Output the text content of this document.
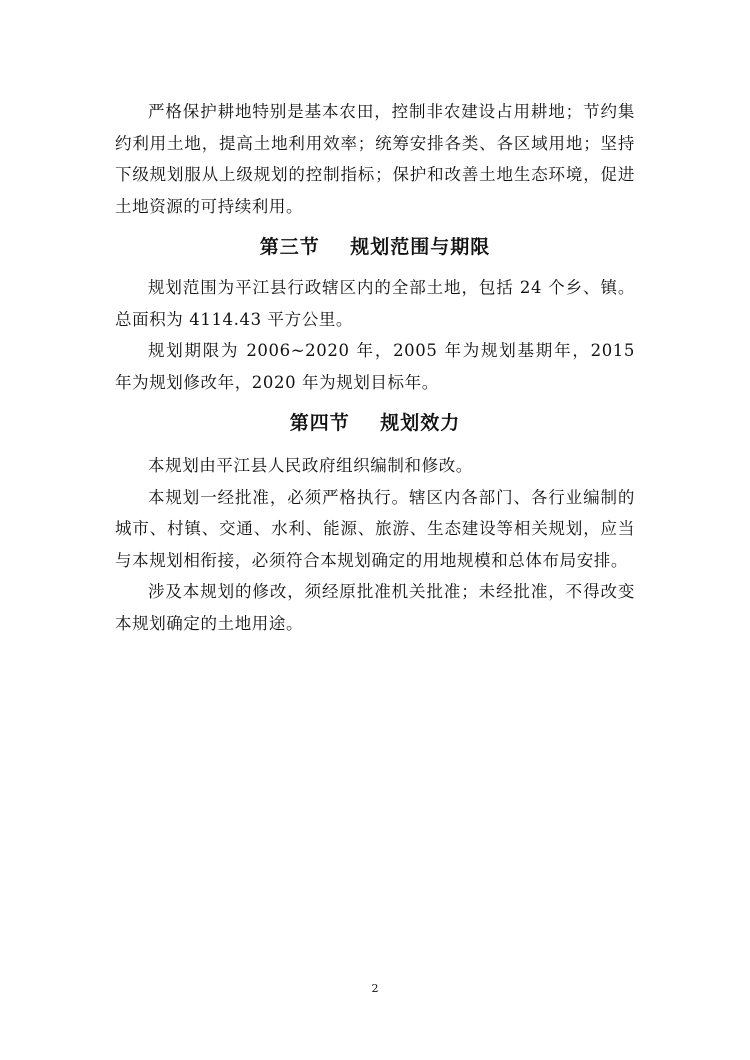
严格保护耕地特别是基本农田，控制非农建设占用耕地；节约集约利用土地，提高土地利用效率；统筹安排各类、各区域用地；坚持下级规划服从上级规划的控制指标；保护和改善土地生态环境，促进土地资源的可持续利用。

第三节    规划范围与期限

规划范围为平江县行政辖区内的全部土地，包括 24 个乡、镇。总面积为 4114.43 平方公里。

规划期限为 2006~2020 年，2005 年为规划基期年，2015 年为规划修改年，2020 年为规划目标年。

第四节    规划效力

本规划由平江县人民政府组织编制和修改。

本规划一经批准，必须严格执行。辖区内各部门、各行业编制的城市、村镇、交通、水利、能源、旅游、生态建设等相关规划，应当与本规划相衔接，必须符合本规划确定的用地规模和总体布局安排。

涉及本规划的修改，须经原批准机关批准；未经批准，不得改变本规划确定的土地用途。

2
